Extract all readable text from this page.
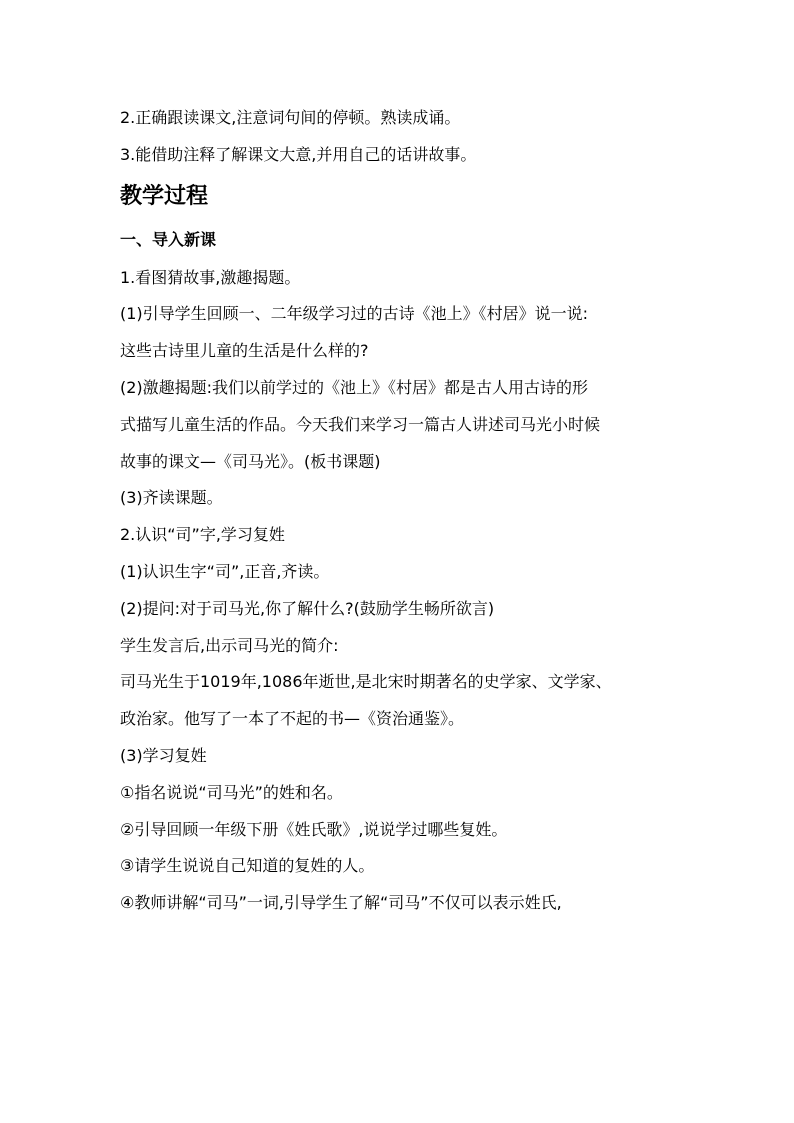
2.正确跟读课文,注意词句间的停顿。熟读成诵。
3.能借助注释了解课文大意,并用自己的话讲故事。
教学过程
一、导入新课
1.看图猜故事,激趣揭题。
(1)引导学生回顾一、二年级学习过的古诗《池上》《村居》说一说:
这些古诗里儿童的生活是什么样的?
(2)激趣揭题:我们以前学过的《池上》《村居》都是古人用古诗的形
式描写儿童生活的作品。今天我们来学习一篇古人讲述司马光小时候
故事的课文—《司马光》。(板书课题)
(3)齐读课题。
2.认识“司”字,学习复姓
(1)认识生字“司”,正音,齐读。
(2)提问:对于司马光,你了解什么?(鼓励学生畅所欲言)
学生发言后,出示司马光的简介:
司马光生于1019年,1086年逝世,是北宋时期著名的史学家、文学家、
政治家。他写了一本了不起的书—《资治通鉴》。
(3)学习复姓
①指名说说“司马光”的姓和名。
②引导回顾一年级下册《姓氏歌》,说说学过哪些复姓。
③请学生说说自己知道的复姓的人。
④教师讲解“司马”一词,引导学生了解“司马”不仅可以表示姓氏,
